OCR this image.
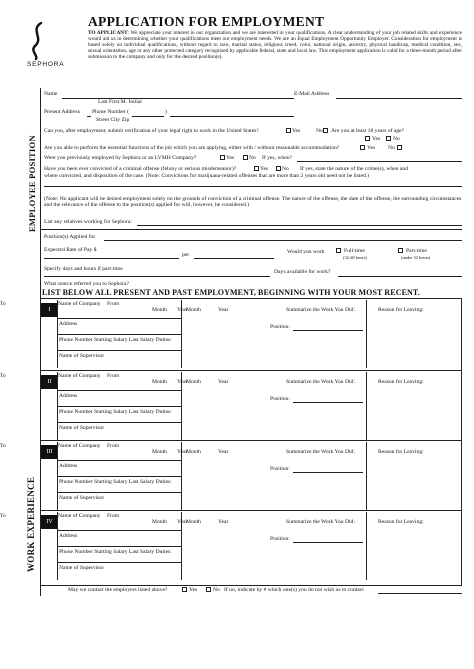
SEPHORA
APPLICATION FOR EMPLOYMENT
TO APPLICANT: We appreciate your interest in our organization and we are interested in your qualifications. A clear understanding of your job related skills and experience would aid us in determining whether your qualifications meet our employment needs. We are an Equal Employment Opportunity Employer. Consideration for employment is based solely on individual qualifications, without regard to race, marital status, religious creed, color, national origin, ancestry, physical handicap, medical condition, sex, sexual orientation, age or any other protected category recognized by applicable federal, state and local law. This employment application is valid for a three-month period after submission to the company and only for the desired position(s).
EMPLOYEE POSITION
WORK EXPERIENCE
Name	E-Mail Address
Last First M. Initial
Present Address Phone Number (	)
Street City Zip
Can you, after employment, submit verification of your legal right to work in the United States?	Yes	No Are you at least 18 years of age?
Yes No
Are you able to perform the essential functions of the job which you are applying, either with / without reasonable accommodation?	Yes No
Were you previously employed by Sephora or an LVMH Company?	Yes	No If yes, when?
Have you been ever convicted of a criminal offense (felony or serious misdemeanor)?	Yes No If yes, state the nature of the crime(s), when and
where convicted, and disposition of the case. (Note: Convictions for marijuana-related offenses that are more than 2 years old need not be listed.)
(Note: No applicant will be denied employment solely on the grounds of conviction of a criminal offense. The nature of the offense, the date of the offense, the surrounding circumstances and the relevance of the offense to the position(s) applied for will, however, be considered.)
List any relatives working for Sephora:
Position(s) Applied for
Expected Rate of Pay $
per	Would you work	Full-time
(32-40 hours)
Part-time
(under 32 hours)
Specify days and hours if part-time	Days available for work?
What source referred you to Sephora?
LIST BELOW ALL PRESENT AND PAST EMPLOYMENT, BEGINNING WITH YOUR MOST RECENT.
I
Name of Company From
To
Month Year
Month	Year	Summarize the Work You Did:	Reason for Leaving:
Position:
Address
Phone Number Starting Salary Last Salary Duties:
Name of Supervisor
II
Name of Company From
To
Month Year
Month	Year	Summarize the Work You Did:	Reason for Leaving:
Position:
Address
Phone Number Starting Salary Last Salary Duties:
Name of Supervisor
III
Name of Company From
To
Month Year
Month	Year	Summarize the Work You Did:	Reason for Leaving:
Position:
Address
Phone Number Starting Salary Last Salary Duties:
Name of Supervisor
IV
Name of Company From
To
Month Year
Month	Year	Summarize the Work You Did:	Reason for Leaving:
Position:
Address
Phone Number Starting Salary Last Salary Duties:
Name of Supervisor
May we contact the employers listed above?	Yes	No If no, indicate by # which one(s) you do not wish us to contact
